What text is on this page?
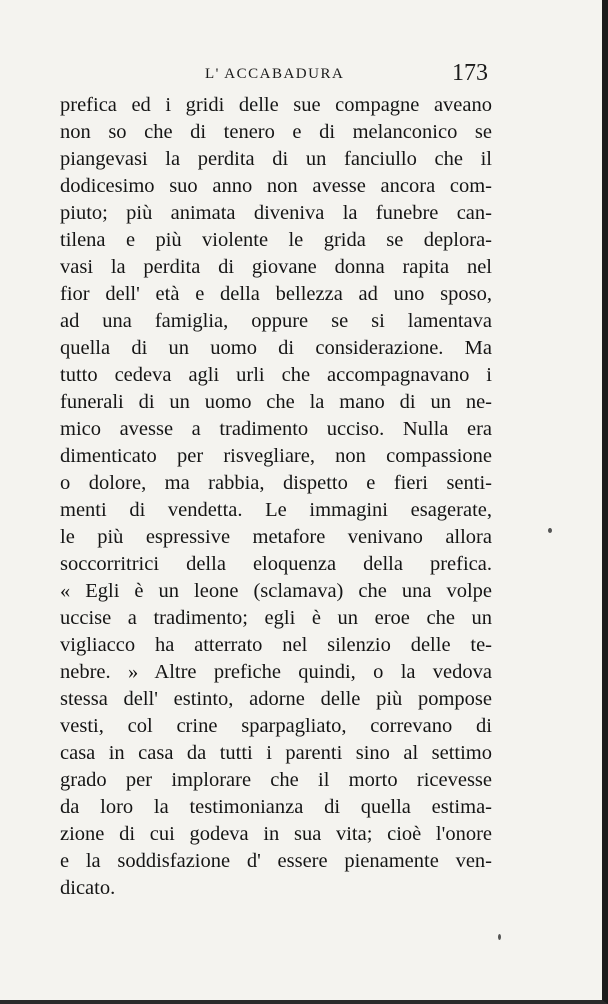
L' ACCABADURA	173
prefica ed i gridi delle sue compagne aveano
non so che di tenero e di melanconico se
piangevasi la perdita di un fanciullo che il
dodicesimo suo anno non avesse ancora com-
piuto; più animata diveniva la funebre can-
tilena e più violente le grida se deplora-
vasi la perdita di giovane donna rapita nel
fior dell' età e della bellezza ad uno sposo,
ad una famiglia, oppure se si lamentava
quella di un uomo di considerazione. Ma
tutto cedeva agli urli che accompagnavano i
funerali di un uomo che la mano di un ne-
mico avesse a tradimento ucciso. Nulla era
dimenticato per risvegliare, non compassione
o dolore, ma rabbia, dispetto e fieri senti-
menti di vendetta. Le immagini esagerate,
le più espressive metafore venivano allora
soccorritrici della eloquenza della prefica.
« Egli è un leone (sclamava) che una volpe
uccise a tradimento; egli è un eroe che un
vigliacco ha atterrato nel silenzio delle te-
nebre. » Altre prefiche quindi, o la vedova
stessa dell' estinto, adorne delle più pompose
vesti, col crine sparpagliato, correvano di
casa in casa da tutti i parenti sino al settimo
grado per implorare che il morto ricevesse
da loro la testimonianza di quella estima-
zione di cui godeva in sua vita; cioè l'onore
e la soddisfazione d' essere pienamente ven-
dicato.
